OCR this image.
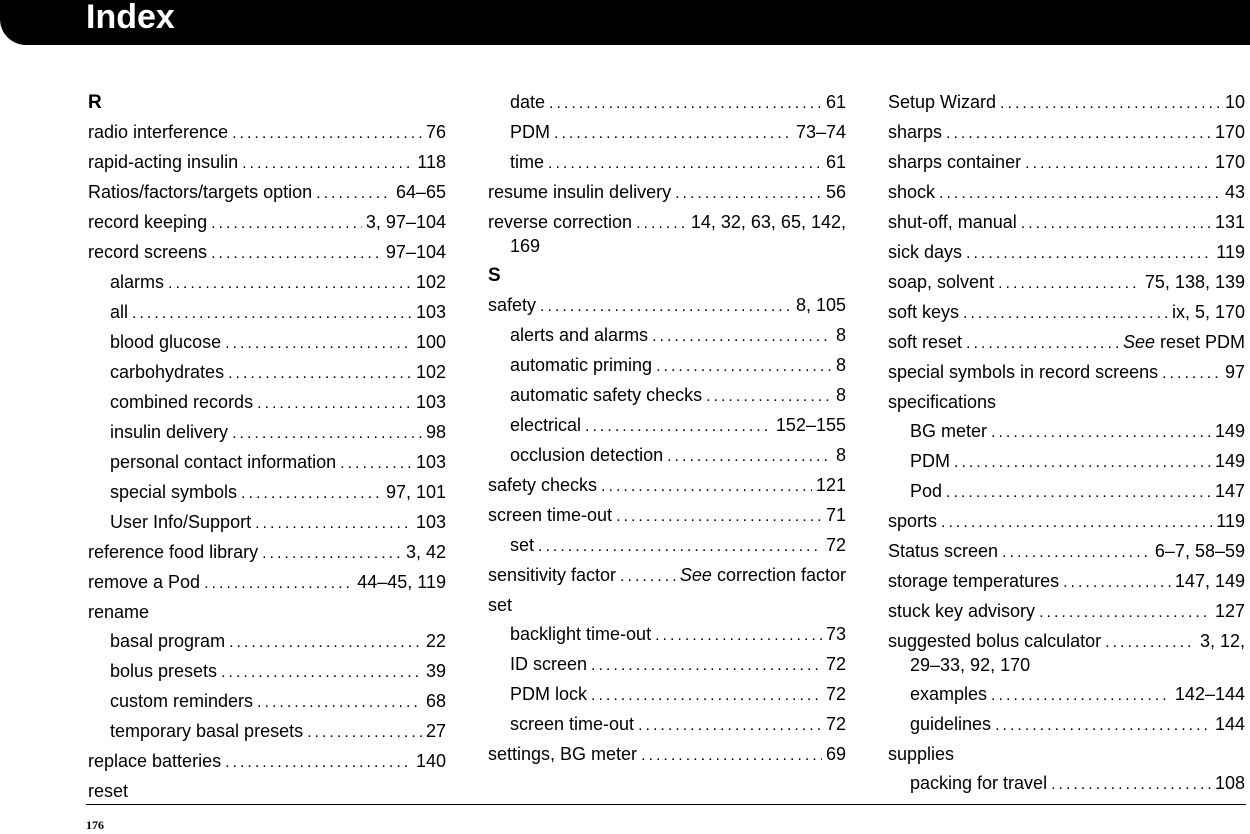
Index
R
radio interference .....	76
rapid-acting insulin .....	118
Ratios/factors/targets option .....	64–65
record keeping .....	3, 97–104
record screens .....	97–104
alarms .....	102
all .....	103
blood glucose .....	100
carbohydrates .....	102
combined records .....	103
insulin delivery .....	98
personal contact information .....	103
special symbols .....	97, 101
User Info/Support .....	103
reference food library .....	3, 42
remove a Pod .....	44–45, 119
rename
basal program .....	22
bolus presets .....	39
custom reminders .....	68
temporary basal presets .....	27
replace batteries .....	140
reset
date .....	61
PDM .....	73–74
time .....	61
resume insulin delivery .....	56
reverse correction .....	14, 32, 63, 65, 142,
169
S
safety .....	8, 105
alerts and alarms .....	8
automatic priming .....	8
automatic safety checks .....	8
electrical .....	152–155
occlusion detection .....	8
safety checks .....	121
screen time-out .....	71
set .....	72
sensitivity factor .....	See correction factor
set
backlight time-out .....	73
ID screen .....	72
PDM lock .....	72
screen time-out .....	72
settings, BG meter .....	69
Setup Wizard .....	10
sharps .....	170
sharps container .....	170
shock .....	43
shut-off, manual .....	131
sick days .....	119
soap, solvent .....	75, 138, 139
soft keys .....	ix, 5, 170
soft reset .....	See reset PDM
special symbols in record screens .....	97
specifications
BG meter .....	149
PDM .....	149
Pod .....	147
sports .....	119
Status screen .....	6–7, 58–59
storage temperatures .....	147, 149
stuck key advisory .....	127
suggested bolus calculator .....	3, 12,
29–33, 92, 170
examples .....	142–144
guidelines .....	144
supplies
packing for travel .....	108
176
